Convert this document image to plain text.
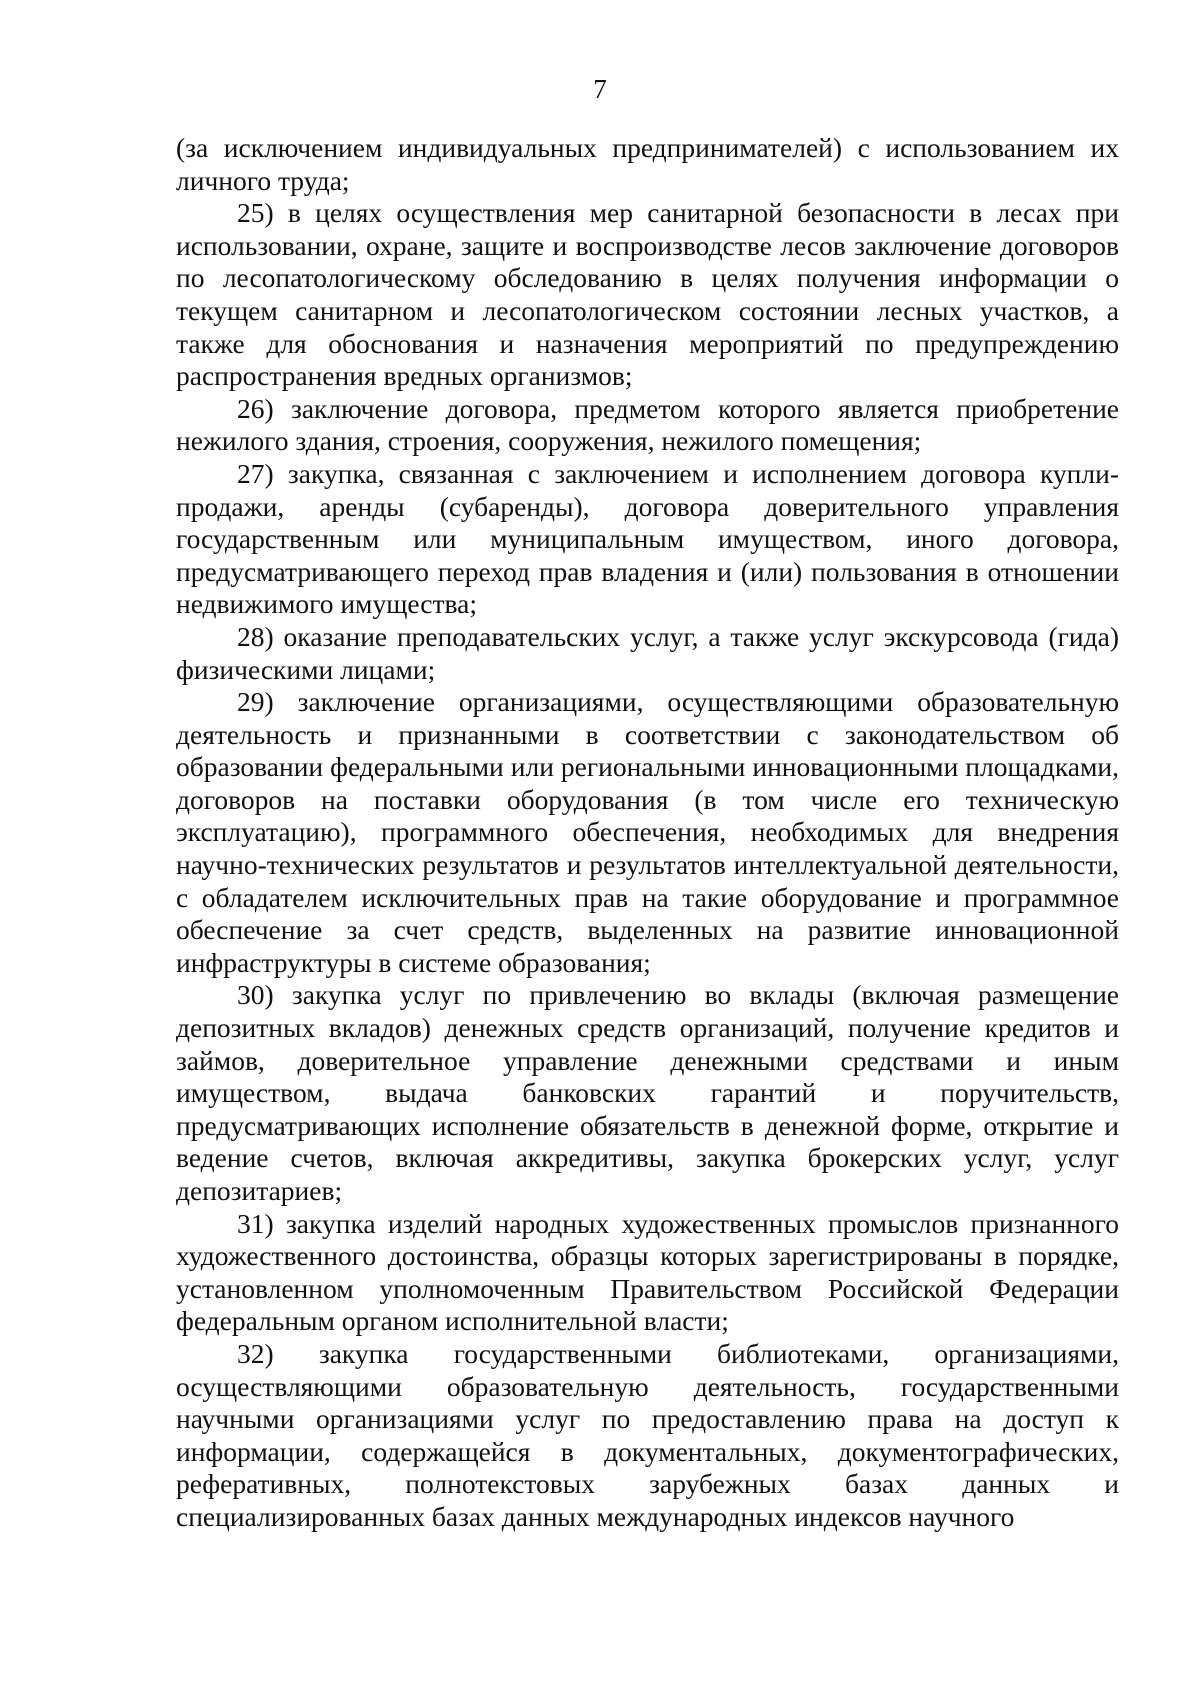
7

(за исключением индивидуальных предпринимателей) с использованием их личного труда;

25) в целях осуществления мер санитарной безопасности в лесах при использовании, охране, защите и воспроизводстве лесов заключение договоров по лесопатологическому обследованию в целях получения информации о текущем санитарном и лесопатологическом состоянии лесных участков, а также для обоснования и назначения мероприятий по предупреждению распространения вредных организмов;

26) заключение договора, предметом которого является приобретение нежилого здания, строения, сооружения, нежилого помещения;

27) закупка, связанная с заключением и исполнением договора купли-продажи, аренды (субаренды), договора доверительного управления государственным или муниципальным имуществом, иного договора, предусматривающего переход прав владения и (или) пользования в отношении недвижимого имущества;

28) оказание преподавательских услуг, а также услуг экскурсовода (гида) физическими лицами;

29) заключение организациями, осуществляющими образовательную деятельность и признанными в соответствии с законодательством об образовании федеральными или региональными инновационными площадками, договоров на поставки оборудования (в том числе его техническую эксплуатацию), программного обеспечения, необходимых для внедрения научно-технических результатов и результатов интеллектуальной деятельности, с обладателем исключительных прав на такие оборудование и программное обеспечение за счет средств, выделенных на развитие инновационной инфраструктуры в системе образования;

30) закупка услуг по привлечению во вклады (включая размещение депозитных вкладов) денежных средств организаций, получение кредитов и займов, доверительное управление денежными средствами и иным имуществом, выдача банковских гарантий и поручительств, предусматривающих исполнение обязательств в денежной форме, открытие и ведение счетов, включая аккредитивы, закупка брокерских услуг, услуг депозитариев;

31) закупка изделий народных художественных промыслов признанного художественного достоинства, образцы которых зарегистрированы в порядке, установленном уполномоченным Правительством Российской Федерации федеральным органом исполнительной власти;

32) закупка государственными библиотеками, организациями, осуществляющими образовательную деятельность, государственными научными организациями услуг по предоставлению права на доступ к информации, содержащейся в документальных, документографических, реферативных, полнотекстовых зарубежных базах данных и специализированных базах данных международных индексов научного
